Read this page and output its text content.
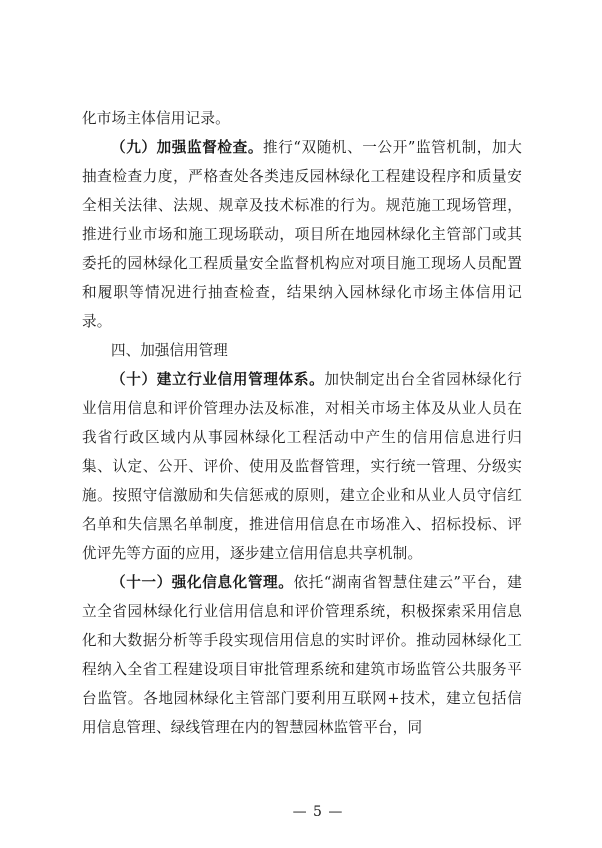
化市场主体信用记录。

（九）加强监督检查。推行“双随机、一公开”监管机制，加大抽查检查力度，严格查处各类违反园林绿化工程建设程序和质量安全相关法律、法规、规章及技术标准的行为。规范施工现场管理，推进行业市场和施工现场联动，项目所在地园林绿化主管部门或其委托的园林绿化工程质量安全监督机构应对项目施工现场人员配置和履职等情况进行抽查检查，结果纳入园林绿化市场主体信用记录。

四、加强信用管理

（十）建立行业信用管理体系。加快制定出台全省园林绿化行业信用信息和评价管理办法及标准，对相关市场主体及从业人员在我省行政区域内从事园林绿化工程活动中产生的信用信息进行归集、认定、公开、评价、使用及监督管理，实行统一管理、分级实施。按照守信激励和失信惩戒的原则，建立企业和从业人员守信红名单和失信黑名单制度，推进信用信息在市场准入、招标投标、评优评先等方面的应用，逐步建立信用信息共享机制。

（十一）强化信息化管理。依托“湖南省智慧住建云”平台，建立全省园林绿化行业信用信息和评价管理系统，积极探索采用信息化和大数据分析等手段实现信用信息的实时评价。推动园林绿化工程纳入全省工程建设项目审批管理系统和建筑市场监管公共服务平台监管。各地园林绿化主管部门要利用互联网+技术，建立包括信用信息管理、绿线管理在内的智慧园林监管平台，同

— 5 —
